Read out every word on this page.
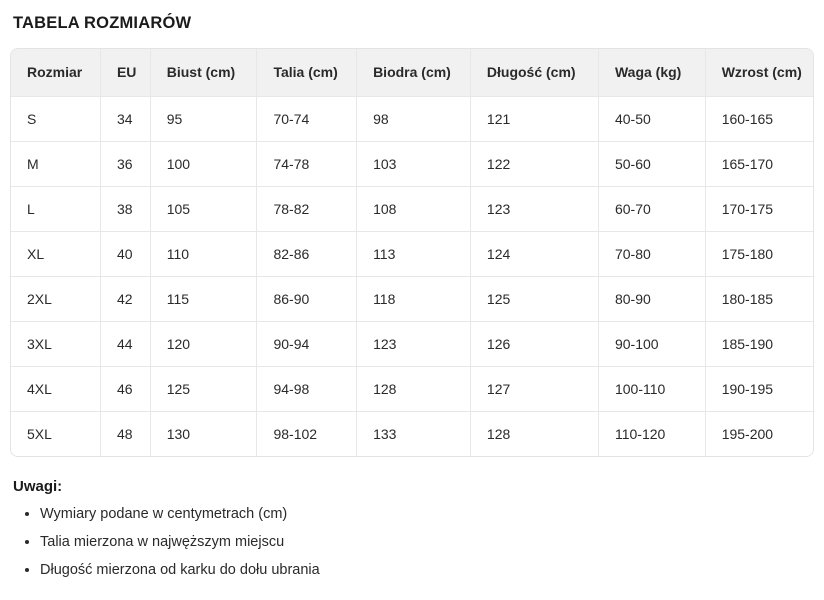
TABELA ROZMIARÓW
Rozmiar	EU	Biust (cm)	Talia (cm)	Biodra (cm)	Długość (cm)	Waga (kg)	Wzrost (cm)
S	34	95	70-74	98	121	40-50	160-165
M	36	100	74-78	103	122	50-60	165-170
L	38	105	78-82	108	123	60-70	170-175
XL	40	110	82-86	113	124	70-80	175-180
2XL	42	115	86-90	118	125	80-90	180-185
3XL	44	120	90-94	123	126	90-100	185-190
4XL	46	125	94-98	128	127	100-110	190-195
5XL	48	130	98-102	133	128	110-120	195-200
Uwagi:
• Wymiary podane w centymetrach (cm)
• Talia mierzona w najwęższym miejscu
• Długość mierzona od karku do dołu ubrania
